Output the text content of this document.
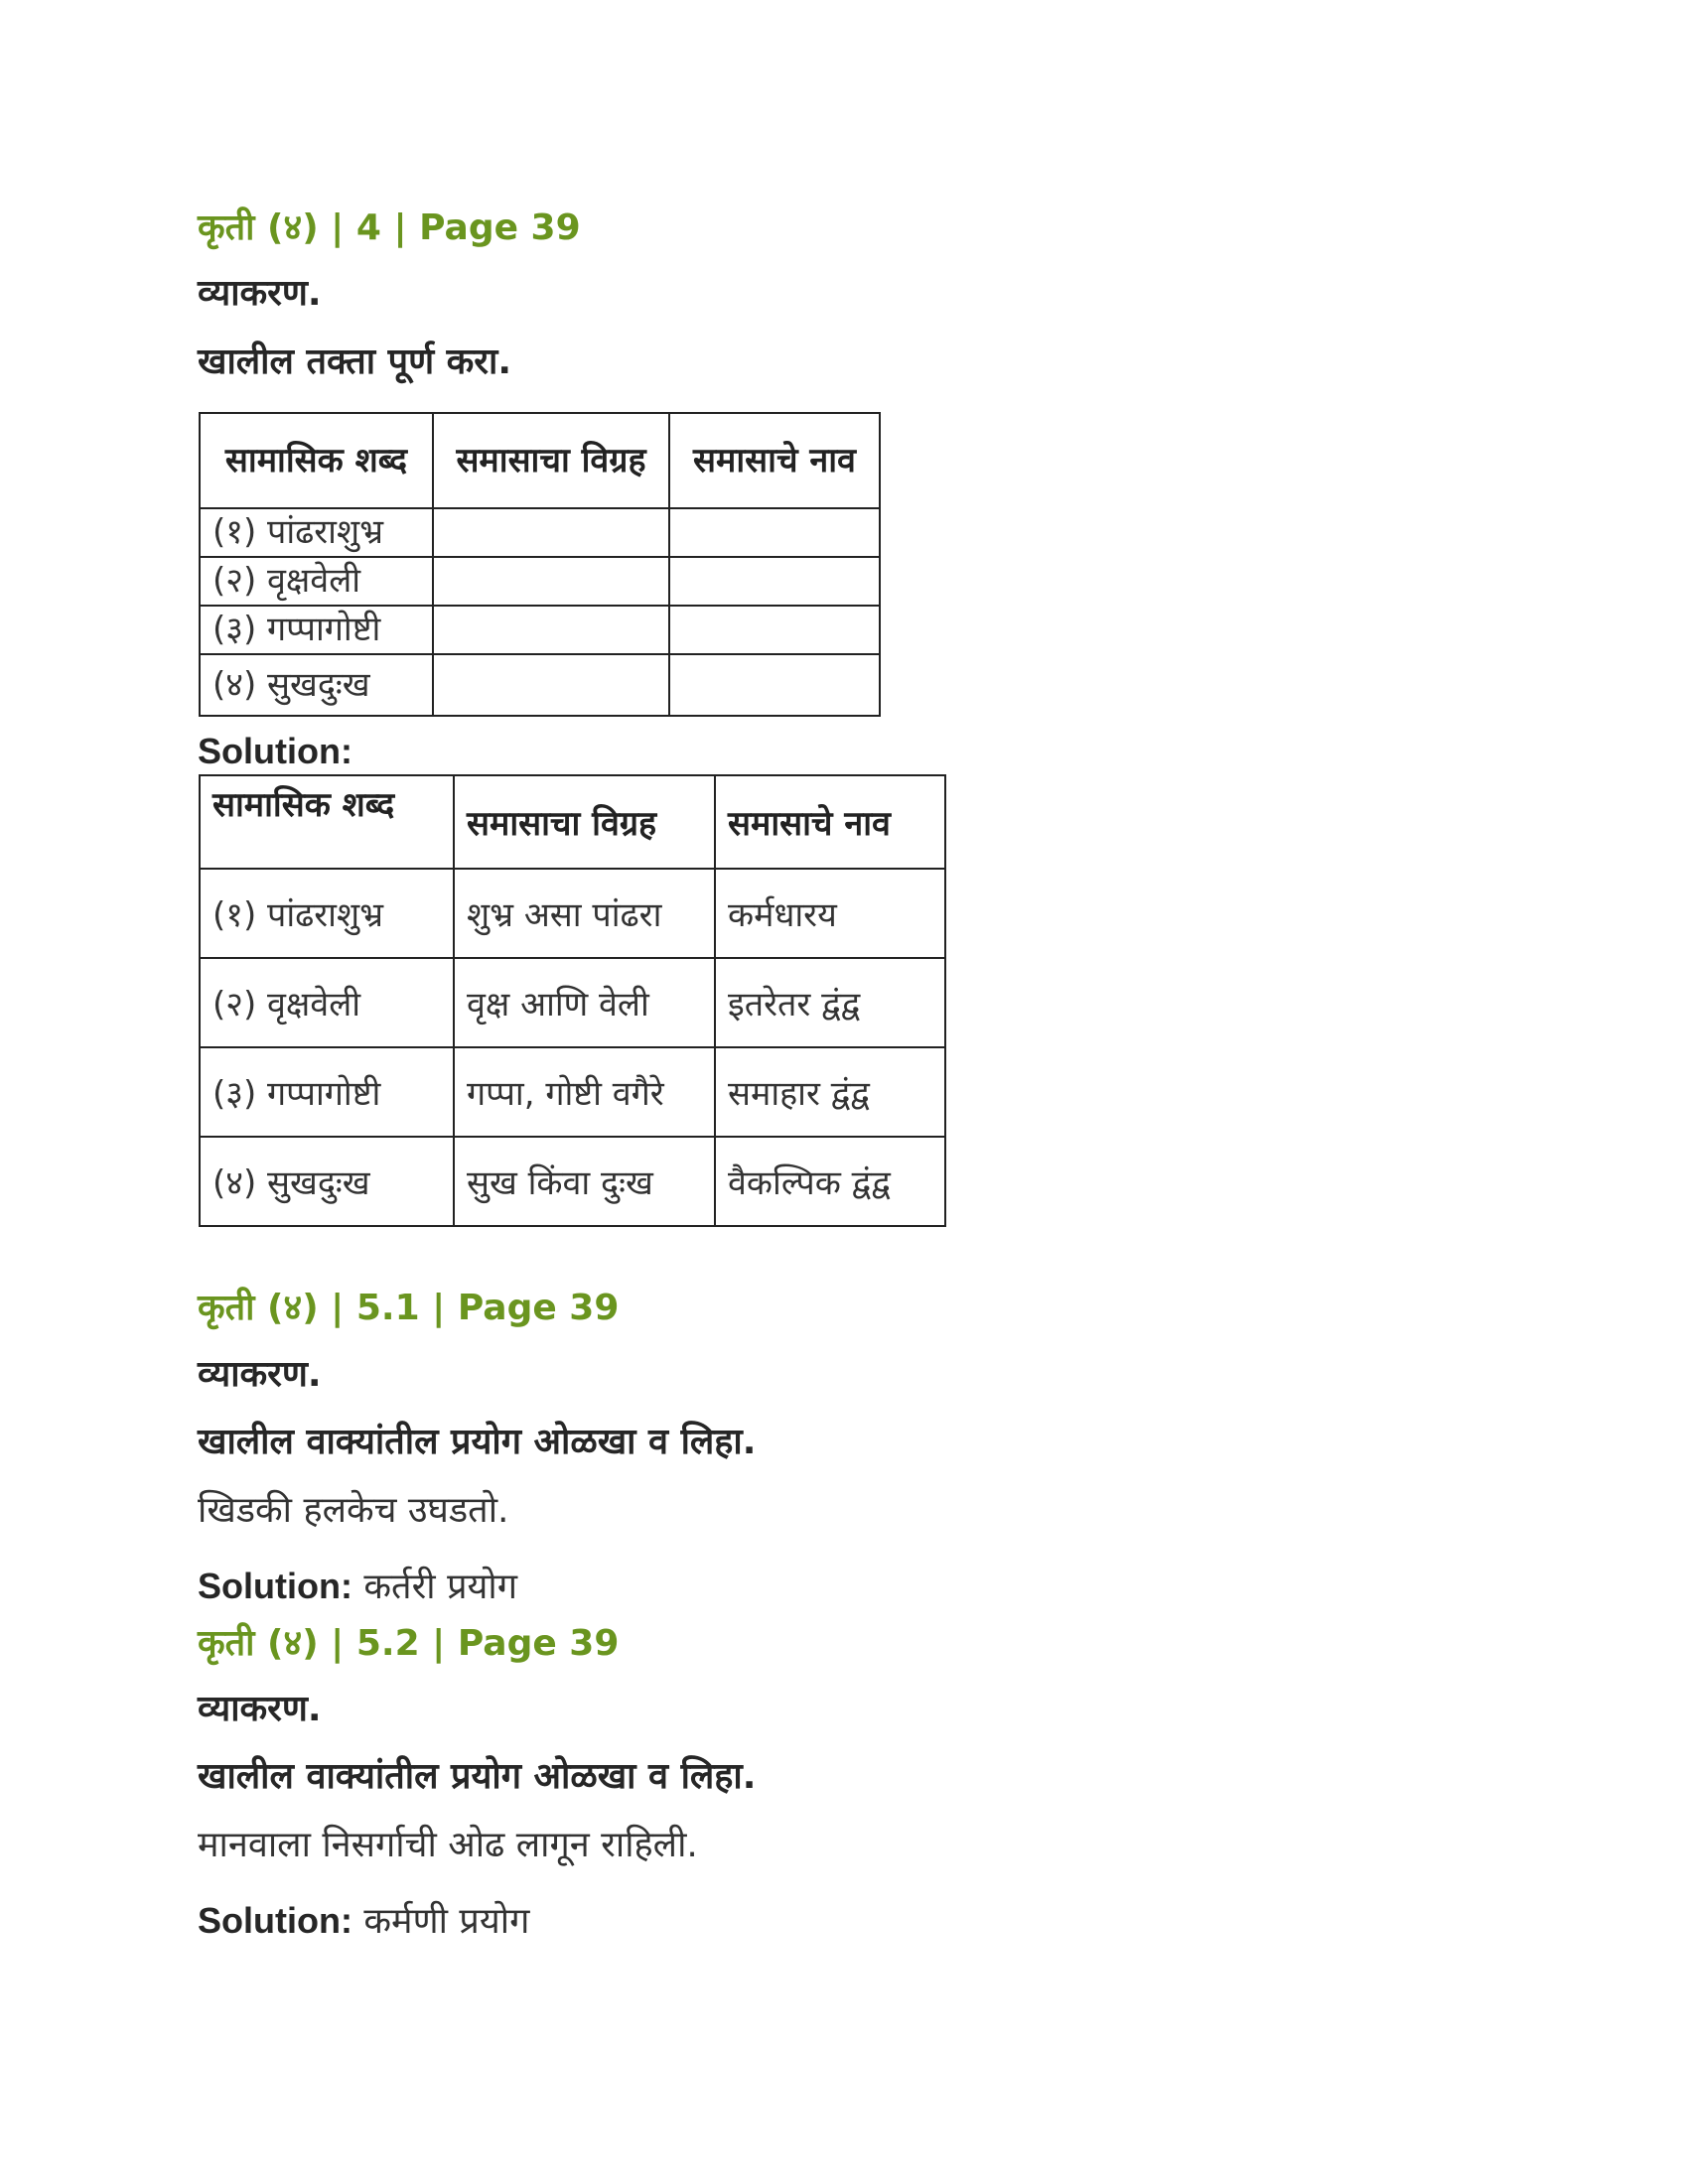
कृती (४) | 4 | Page 39
व्याकरण.
खालील तक्ता पूर्ण करा.
सामासिक शब्द	समासाचा विग्रह	समासाचे नाव
(१) पांढराशुभ्र		
(२) वृक्षवेली		
(३) गप्पागोष्टी		
(४) सुखदुःख		
Solution:
सामासिक शब्द	समासाचा विग्रह	समासाचे नाव
(१) पांढराशुभ्र	शुभ्र असा पांढरा	कर्मधारय
(२) वृक्षवेली	वृक्ष आणि वेली	इतरेतर द्वंद्व
(३) गप्पागोष्टी	गप्पा, गोष्टी वगैरे	समाहार द्वंद्व
(४) सुखदुःख	सुख किंवा दुःख	वैकल्पिक द्वंद्व
कृती (४) | 5.1 | Page 39
व्याकरण.
खालील वाक्यांतील प्रयोग ओळखा व लिहा.
खिडकी हलकेच उघडतो.
Solution: कर्तरी प्रयोग
कृती (४) | 5.2 | Page 39
व्याकरण.
खालील वाक्यांतील प्रयोग ओळखा व लिहा.
मानवाला निसर्गाची ओढ लागून राहिली.
Solution: कर्मणी प्रयोग
